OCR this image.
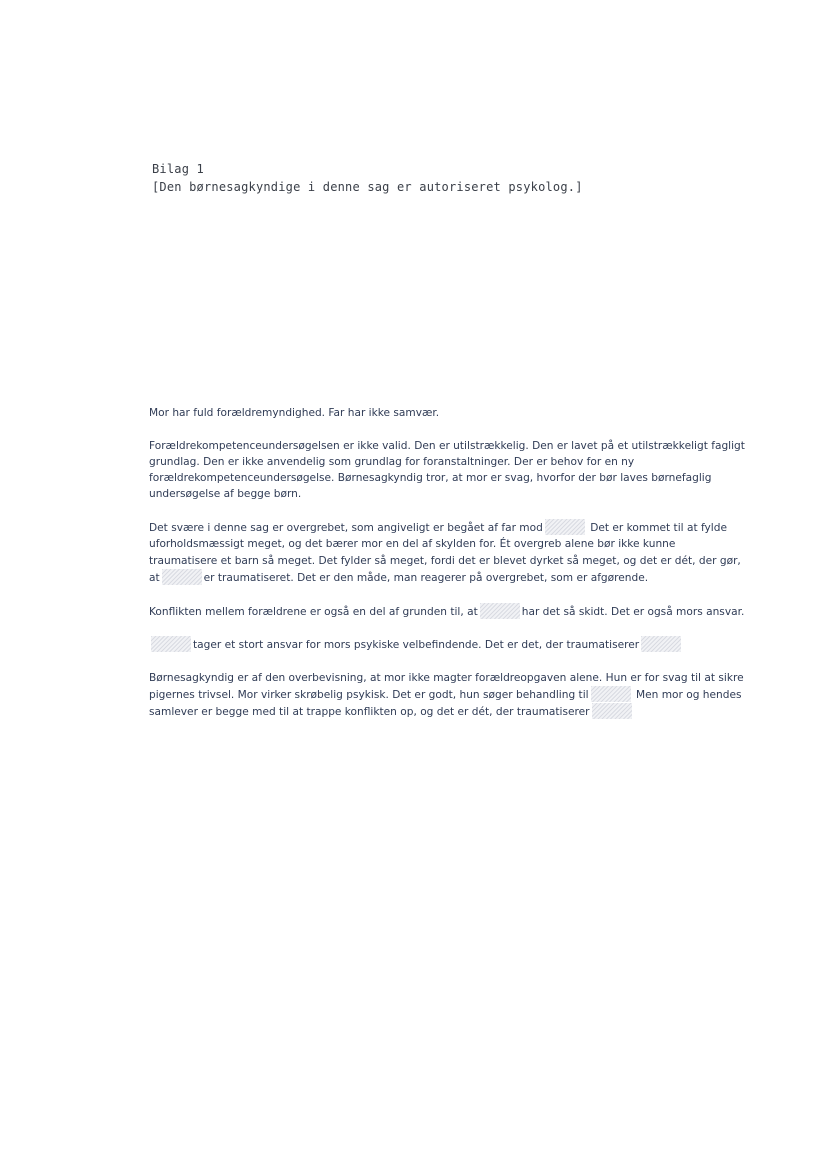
Bilag 1
[Den børnesagkyndige i denne sag er autoriseret psykolog.]

Mor har fuld forældremyndighed. Far har ikke samvær.

Forældrekompetenceundersøgelsen er ikke valid. Den er utilstrækkelig. Den er lavet på et utilstrækkeligt fagligt grundlag. Den er ikke anvendelig som grundlag for foranstaltninger. Der er behov for en ny forældrekompetenceundersøgelse. Børnesagkyndig tror, at mor er svag, hvorfor der bør laves børnefaglig undersøgelse af begge børn.

Det svære i denne sag er overgrebet, som angiveligt er begået af far mod	Det er kommet til at fylde uforholdsmæssigt meget, og det bærer mor en del af skylden for. Ét overgreb alene bør ikke kunne traumatisere et barn så meget. Det fylder så meget, fordi det er blevet dyrket så meget, og det er dét, der gør, at	er traumatiseret. Det er den måde, man reagerer på overgrebet, som er afgørende.

Konflikten mellem forældrene er også en del af grunden til, at	har det så skidt. Det er også mors ansvar.

tager et stort ansvar for mors psykiske velbefindende. Det er det, der traumatiserer

Børnesagkyndig er af den overbevisning, at mor ikke magter forældreopgaven alene. Hun er for svag til at sikre pigernes trivsel. Mor virker skrøbelig psykisk. Det er godt, hun søger behandling til	Men mor og hendes samlever er begge med til at trappe konflikten op, og det er dét, der traumatiserer
